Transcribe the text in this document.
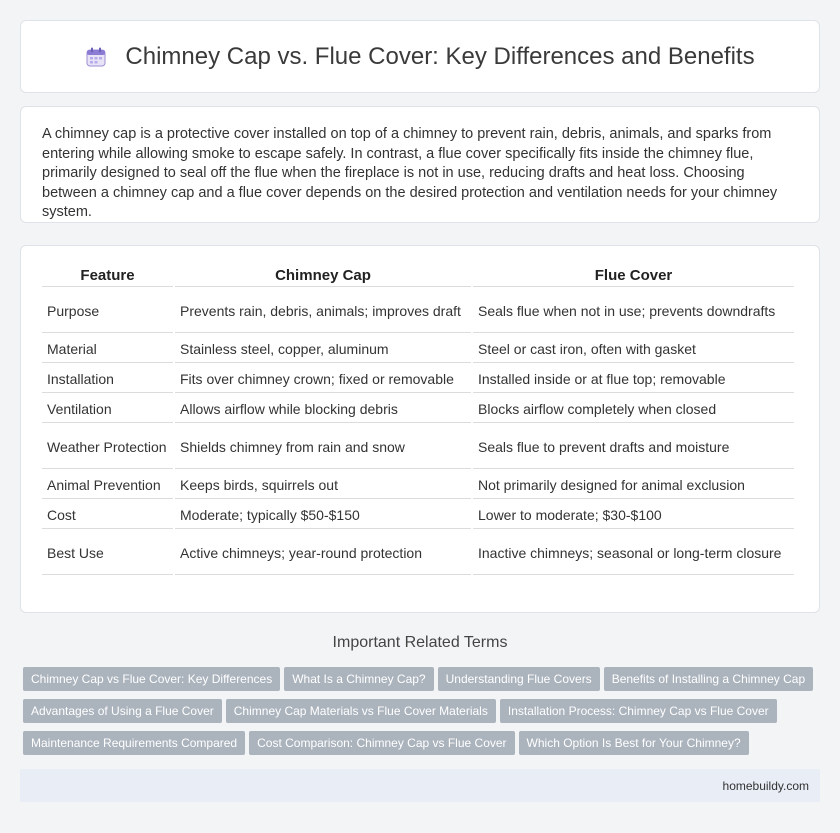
Chimney Cap vs. Flue Cover: Key Differences and Benefits

A chimney cap is a protective cover installed on top of a chimney to prevent rain, debris, animals, and sparks from entering while allowing smoke to escape safely. In contrast, a flue cover specifically fits inside the chimney flue, primarily designed to seal off the flue when the fireplace is not in use, reducing drafts and heat loss. Choosing between a chimney cap and a flue cover depends on the desired protection and ventilation needs for your chimney system.

Feature	Chimney Cap	Flue Cover
Purpose	Prevents rain, debris, animals; improves draft	Seals flue when not in use; prevents downdrafts
Material	Stainless steel, copper, aluminum	Steel or cast iron, often with gasket
Installation	Fits over chimney crown; fixed or removable	Installed inside or at flue top; removable
Ventilation	Allows airflow while blocking debris	Blocks airflow completely when closed
Weather Protection	Shields chimney from rain and snow	Seals flue to prevent drafts and moisture
Animal Prevention	Keeps birds, squirrels out	Not primarily designed for animal exclusion
Cost	Moderate; typically $50-$150	Lower to moderate; $30-$100
Best Use	Active chimneys; year-round protection	Inactive chimneys; seasonal or long-term closure
Important Related Terms
Chimney Cap vs Flue Cover: Key Differences What Is a Chimney Cap? Understanding Flue Covers Benefits of Installing a Chimney Cap
Advantages of Using a Flue Cover Chimney Cap Materials vs Flue Cover Materials Installation Process: Chimney Cap vs Flue Cover
Maintenance Requirements Compared Cost Comparison: Chimney Cap vs Flue Cover Which Option Is Best for Your Chimney?
homebuildy.com
